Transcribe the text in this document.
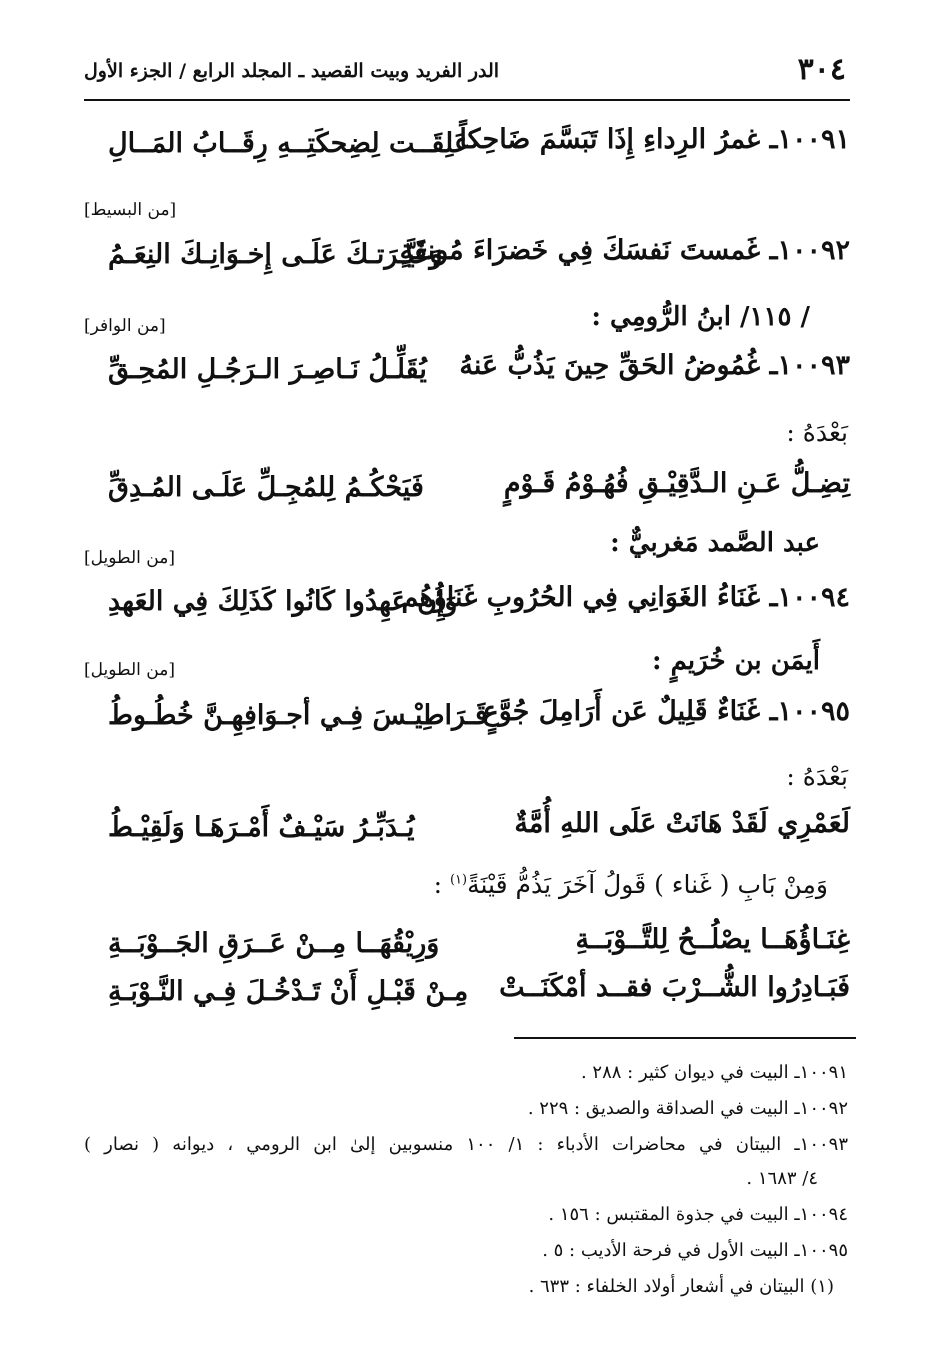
٣٠٤
الدر الفريد وبيت القصيد ـ المجلد الرابع / الجزء الأول
١٠٠٩١ـ غمرُ الرِداءِ إِذَا تَبَسَّمَ ضَاحِكاً
عَلِقَــت لِضِحكَتِــهِ رِقَــابُ المَــالِ
[من البسيط]
١٠٠٩٢ـ غَمستَ نَفسَكَ فِي خَضرَاءَ مُونقَةٍ
وَغَيَّـرَتـكَ عَلَـى إِخـوَانِـكَ النِعَـمُ
/ ١١٥/ ابنُ الرُّومِي :
[من الوافر]
١٠٠٩٣ـ غُمُوضُ الحَقِّ حِينَ يَذُبُّ عَنهُ
يُقَلِّـلُ نَـاصِـرَ الـرَجُـلِ المُحِـقِّ
بَعْدَهُ :
تِضِـلُّ عَـنِ الـدَّقِيْـقِ فُهُـوْمُ قَـوْمٍ
فَيَحْكُـمُ لِلمُجِـلِّ عَلَـى المُـدِقِّ
عبد الصَّمد مَغربيٌّ :
[من الطويل]
١٠٠٩٤ـ غَنَاءُ الغَوَانِي فِي الحُرُوبِ غَنَاؤُهُم
وَإِن عَهِدُوا كَانُوا كَذَلِكَ فِي العَهدِ
أَيمَن بن خُرَيمٍ :
[من الطويل]
١٠٠٩٥ـ غَنَاءٌ قَلِيلٌ عَن أَرَامِلَ جُوَّعٍ
قَـرَاطِيْـسَ فِـي أجـوَافِهِـنَّ خُطُـوطُ
بَعْدَهُ :
لَعَمْرِي لَقَدْ هَانَتْ عَلَى اللهِ أُمَّةٌ
يُـدَبِّـرُ سَيْـفٌ أَمْـرَهَـا وَلَقِيْـطُ
وَمِنْ بَابِ ( غَناء ) قَولُ آخَرَ يَذُمُّ قَيْنَةً$^{(١)}$ :
غِنَـاؤُهَــا يصْلُــحُ لِلتَّــوْبَــةِ
وَرِيْقُهَــا مِــنْ عَــرَقِ الجَــوْبَــةِ
فَبَـادِرُوا الشُّــرْبَ فقــد أمْكَنَــتْ
مِـنْ قَبْـلِ أَنْ تَـدْخُـلَ فِـي النَّـوْبَـةِ
١٠٠٩١ـ البيت في ديوان كثير : ٢٨٨ .
١٠٠٩٢ـ البيت في الصداقة والصديق : ٢٢٩ .
١٠٠٩٣ـ البيتان في محاضرات الأدباء : ١/ ١٠٠ منسوبين إلىٰ ابن الرومي ، ديوانه ( نصار )
٤/ ١٦٨٣ .
١٠٠٩٤ـ البيت في جذوة المقتبس : ١٥٦ .
١٠٠٩٥ـ البيت الأول في فرحة الأديب : ٥ .
(١) البيتان في أشعار أولاد الخلفاء : ٦٣٣ .
